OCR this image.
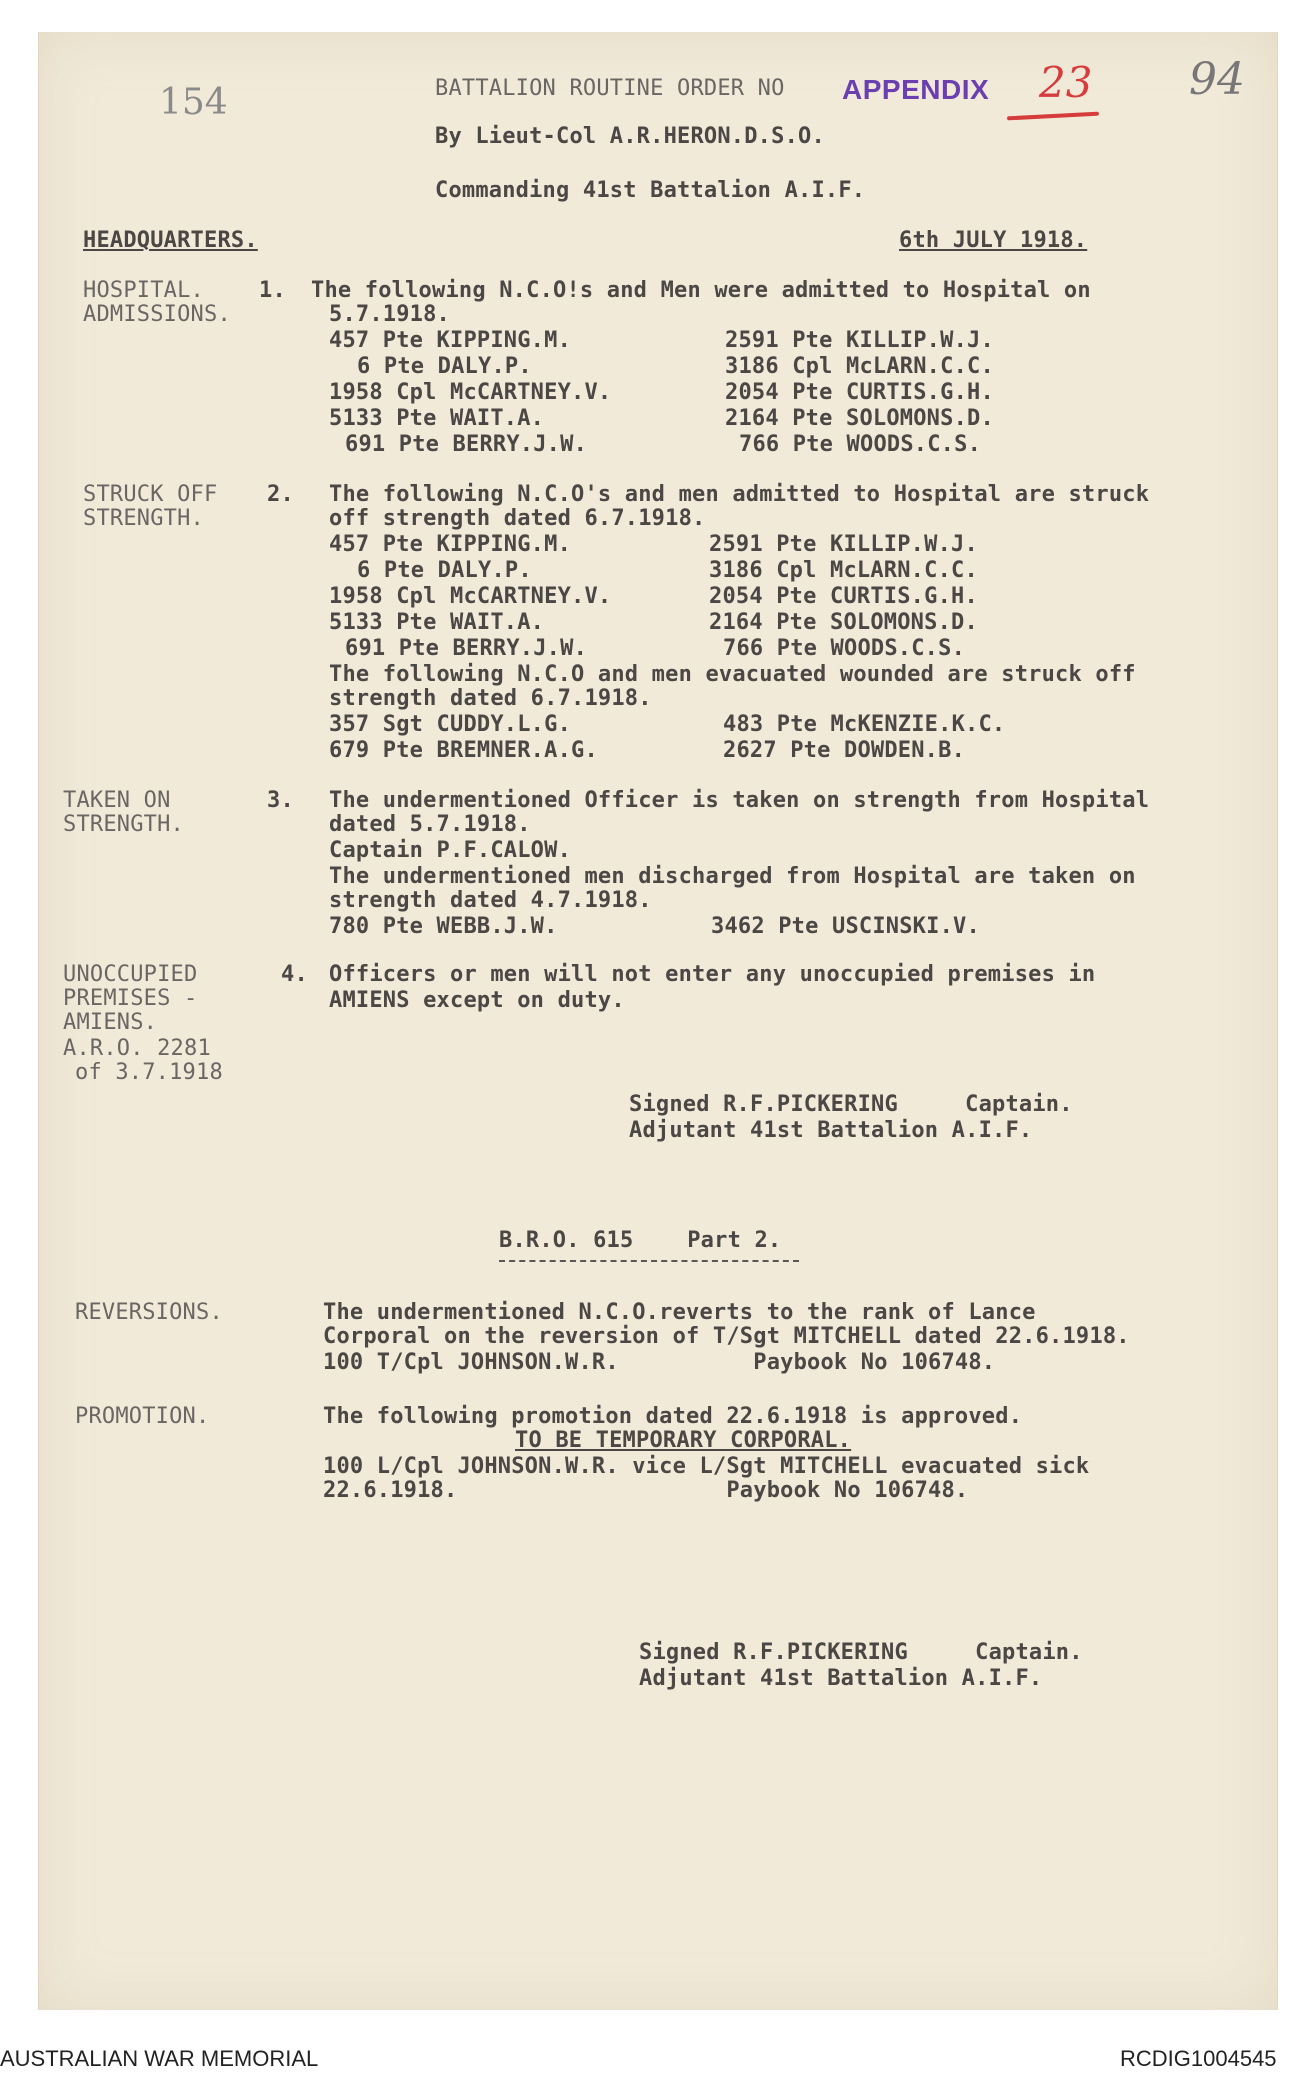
154	94
APPENDIX 23
BATTALION ROUTINE ORDER NO
By Lieut-Col A.R.HERON.D.S.O.
Commanding 41st Battalion A.I.F.
HEADQUARTERS.	6th JULY 1918.
HOSPITAL.
ADMISSIONS.
1. The following N.C.O!s and Men were admitted to Hospital on
5.7.1918.
457 Pte KIPPING.M.	2591 Pte KILLIP.W.J.
6 Pte DALY.P.	3186 Cpl McLARN.C.C.
1958 Cpl McCARTNEY.V.	2054 Pte CURTIS.G.H.
5133 Pte WAIT.A.	2164 Pte SOLOMONS.D.
691 Pte BERRY.J.W.	766 Pte WOODS.C.S.
STRUCK OFF
STRENGTH.
2. The following N.C.O's and men admitted to Hospital are struck
off strength dated 6.7.1918.
457 Pte KIPPING.M.	2591 Pte KILLIP.W.J.
6 Pte DALY.P.	3186 Cpl McLARN.C.C.
1958 Cpl McCARTNEY.V.	2054 Pte CURTIS.G.H.
5133 Pte WAIT.A.	2164 Pte SOLOMONS.D.
691 Pte BERRY.J.W.	766 Pte WOODS.C.S.
The following N.C.O and men evacuated wounded are struck off
strength dated 6.7.1918.
357 Sgt CUDDY.L.G.	483 Pte McKENZIE.K.C.
679 Pte BREMNER.A.G.	2627 Pte DOWDEN.B.
TAKEN ON
STRENGTH.
3. The undermentioned Officer is taken on strength from Hospital
dated 5.7.1918.
Captain P.F.CALOW.
The undermentioned men discharged from Hospital are taken on
strength dated 4.7.1918.
780 Pte WEBB.J.W.	3462 Pte USCINSKI.V.
UNOCCUPIED
PREMISES -
AMIENS.
A.R.O. 2281
of 3.7.1918
4. Officers or men will not enter any unoccupied premises in
AMIENS except on duty.
Signed R.F.PICKERING     Captain.
Adjutant 41st Battalion A.I.F.
B.R.O. 615    Part 2.
REVERSIONS.	The undermentioned N.C.O.reverts to the rank of Lance
Corporal on the reversion of T/Sgt MITCHELL dated 22.6.1918.
100 T/Cpl JOHNSON.W.R.          Paybook No 106748.
PROMOTION.	The following promotion dated 22.6.1918 is approved.
TO BE TEMPORARY CORPORAL.
100 L/Cpl JOHNSON.W.R. vice L/Sgt MITCHELL evacuated sick
22.6.1918.                    Paybook No 106748.
Signed R.F.PICKERING     Captain.
Adjutant 41st Battalion A.I.F.
AUSTRALIAN WAR MEMORIAL	RCDIG1004545
